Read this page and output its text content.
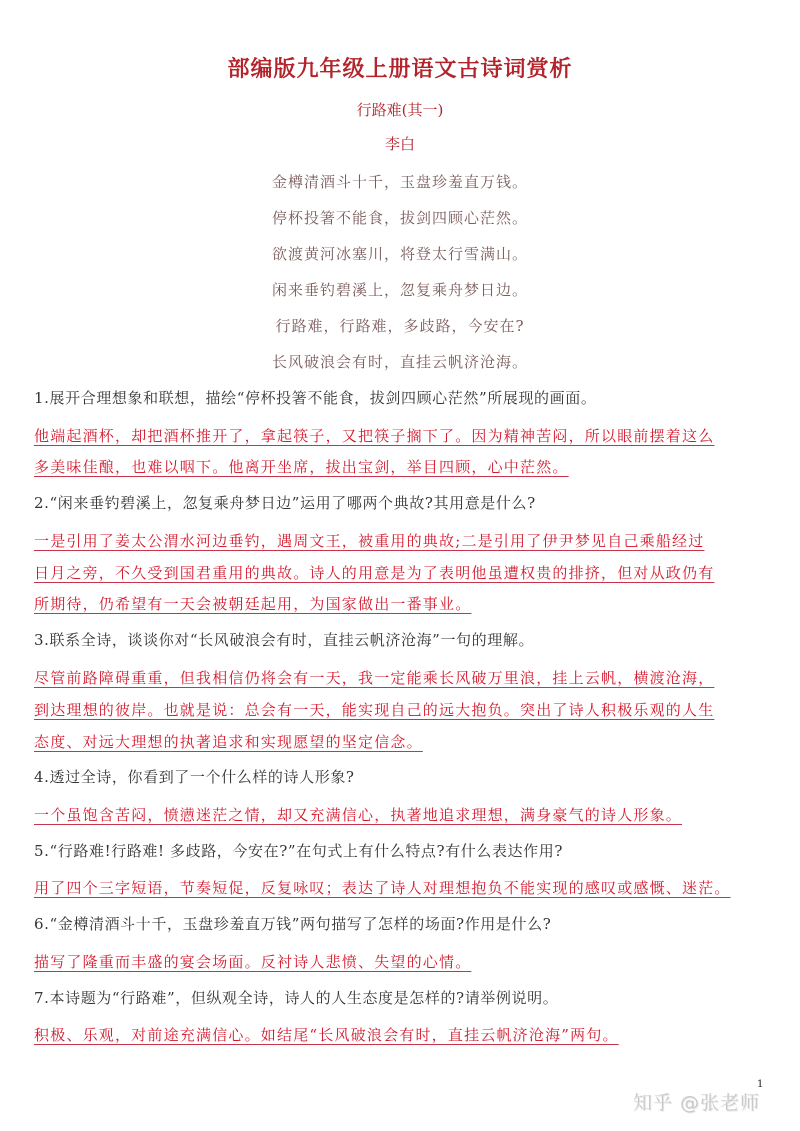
部编版九年级上册语文古诗词赏析
行路难(其一)
李白
金樽清酒斗十千，玉盘珍羞直万钱。
停杯投箸不能食，拔剑四顾心茫然。
欲渡黄河冰塞川，将登太行雪满山。
闲来垂钓碧溪上，忽复乘舟梦日边。
行路难，行路难，多歧路，今安在?
长风破浪会有时，直挂云帆济沧海。
1.展开合理想象和联想，描绘“停杯投箸不能食，拔剑四顾心茫然”所展现的画面。
他端起酒杯，却把酒杯推开了，拿起筷子，又把筷子搁下了。因为精神苦闷，所以眼前摆着这么
多美味佳酿，也难以咽下。他离开坐席，拔出宝剑，举目四顾，心中茫然。
2.“闲来垂钓碧溪上，忽复乘舟梦日边”运用了哪两个典故?其用意是什么?
一是引用了姜太公渭水河边垂钓，遇周文王，被重用的典故;二是引用了伊尹梦见自己乘船经过
日月之旁，不久受到国君重用的典故。诗人的用意是为了表明他虽遭权贵的排挤，但对从政仍有
所期待，仍希望有一天会被朝廷起用，为国家做出一番事业。
3.联系全诗，谈谈你对“长风破浪会有时，直挂云帆济沧海”一句的理解。
尽管前路障碍重重，但我相信仍将会有一天，我一定能乘长风破万里浪，挂上云帆，横渡沧海，
到达理想的彼岸。也就是说：总会有一天，能实现自己的远大抱负。突出了诗人积极乐观的人生
态度、对远大理想的执著追求和实现愿望的坚定信念。
4.透过全诗，你看到了一个什么样的诗人形象?
一个虽饱含苦闷，愤懑迷茫之情，却又充满信心，执著地追求理想，满身豪气的诗人形象。
5.“行路难!行路难! 多歧路，今安在?”在句式上有什么特点?有什么表达作用?
用了四个三字短语，节奏短促，反复咏叹；表达了诗人对理想抱负不能实现的感叹或感慨、迷茫。
6.“金樽清酒斗十千，玉盘珍羞直万钱”两句描写了怎样的场面?作用是什么?
描写了隆重而丰盛的宴会场面。反衬诗人悲愤、失望的心情。
7.本诗题为“行路难”，但纵观全诗，诗人的人生态度是怎样的?请举例说明。
积极、乐观，对前途充满信心。如结尾“长风破浪会有时，直挂云帆济沧海”两句。
1
知乎 @张老师
